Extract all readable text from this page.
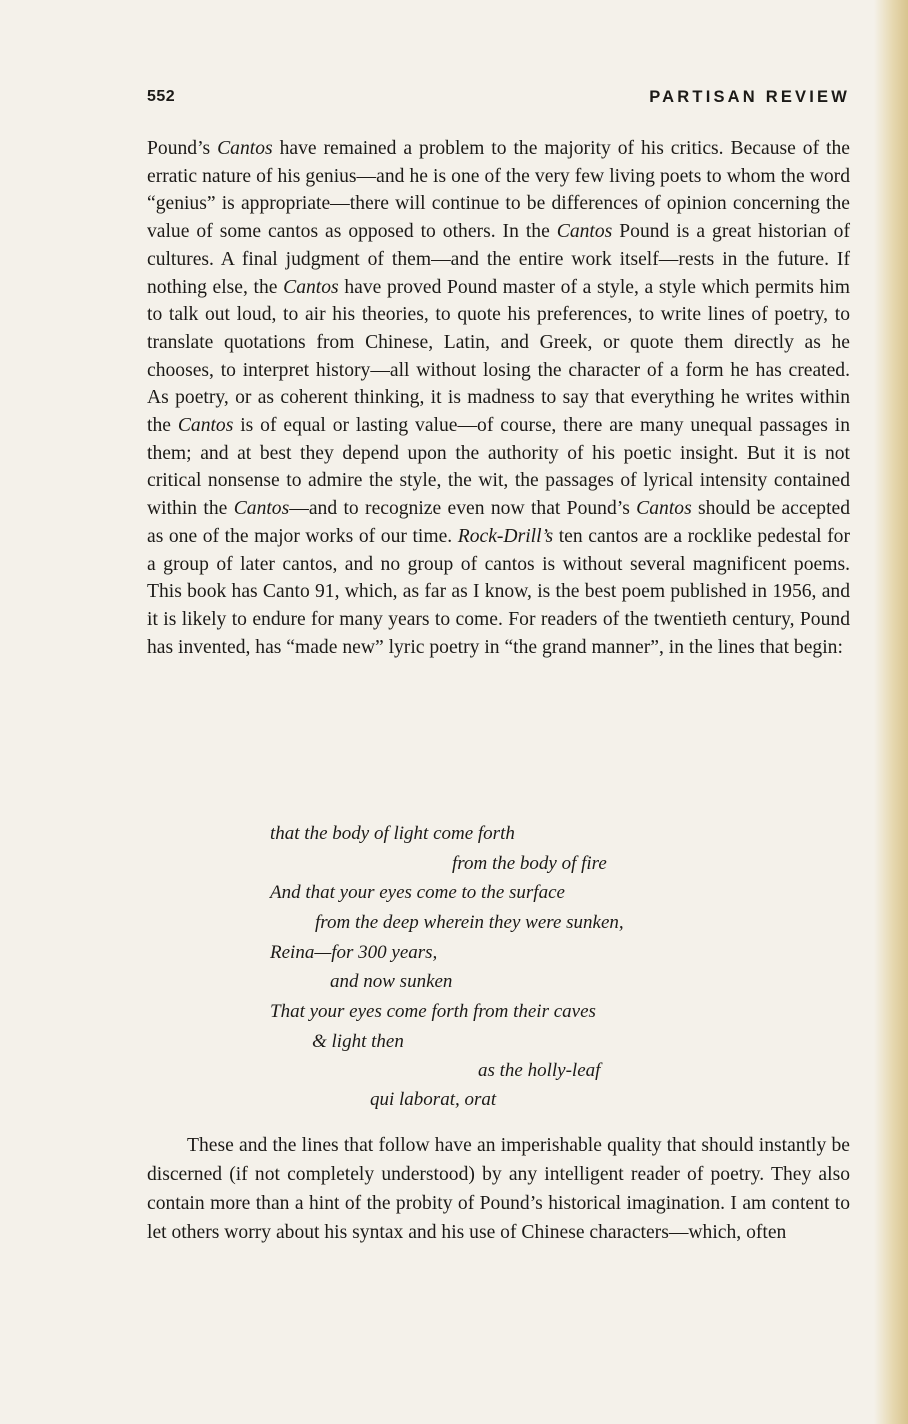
552	PARTISAN REVIEW

Pound’s Cantos have remained a problem to the majority of his critics. Because of the erratic nature of his genius—and he is one of the very few living poets to whom the word “genius” is appropriate—there will continue to be differences of opinion concerning the value of some cantos as opposed to others. In the Cantos Pound is a great historian of cultures. A final judgment of them—and the entire work itself—rests in the future. If nothing else, the Cantos have proved Pound master of a style, a style which permits him to talk out loud, to air his theories, to quote his preferences, to write lines of poetry, to translate quotations from Chinese, Latin, and Greek, or quote them directly as he chooses, to interpret history—all without losing the character of a form he has created. As poetry, or as coherent thinking, it is madness to say that everything he writes within the Cantos is of equal or lasting value—of course, there are many unequal passages in them; and at best they depend upon the authority of his poetic insight. But it is not critical nonsense to admire the style, the wit, the passages of lyrical intensity contained within the Cantos—and to recognize even now that Pound’s Cantos should be accepted as one of the major works of our time. Rock-Drill’s ten cantos are a rocklike pedestal for a group of later cantos, and no group of cantos is without several magnificent poems. This book has Canto 91, which, as far as I know, is the best poem published in 1956, and it is likely to endure for many years to come. For readers of the twentieth century, Pound has invented, has “made new” lyric poetry in “the grand manner”, in the lines that begin:

that the body of light come forth
from the body of fire
And that your eyes come to the surface
from the deep wherein they were sunken,
Reina—for 300 years,
and now sunken
That your eyes come forth from their caves
& light then
as the holly-leaf
qui laborat, orat

These and the lines that follow have an imperishable quality that should instantly be discerned (if not completely understood) by any intelligent reader of poetry. They also contain more than a hint of the probity of Pound’s historical imagination. I am content to let others worry about his syntax and his use of Chinese characters—which, often
